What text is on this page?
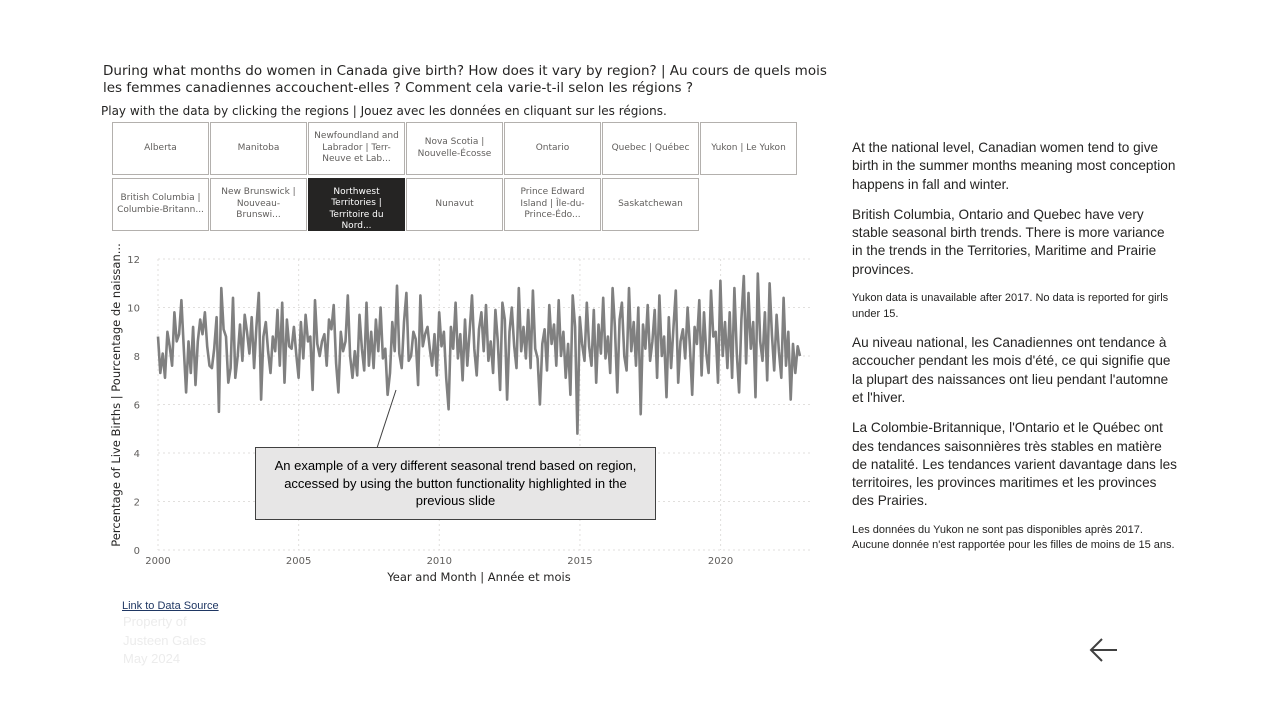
During what months do women in Canada give birth? How does it vary by region? | Au cours de quels mois les femmes canadiennes accouchent-elles ? Comment cela varie-t-il selon les régions ?
Play with the data by clicking the regions | Jouez avec les données en cliquant sur les régions.
Alberta	Manitoba
Newfoundland and Labrador | Terr-Neuve et Lab...
Nova Scotia | Nouvelle-Écosse
Ontario	Quebec | Québec Yukon | Le Yukon
British Columbia | Columbie-Britann...
New Brunswick | Nouveau-Brunswi...
Northwest Territories | Territoire du Nord...
Nunavut
Prince Edward Island | Île-du-Prince-Édo...
Saskatchewan
0
2
4
6
8
10
12
2000	2005	2010	2015	2020
Percentage of Live Births | Pourcentage de naissan...
Year and Month | Année et mois
An example of a very different seasonal trend based on region, accessed by using the button functionality highlighted in the previous slide
Link to Data Source
Property of
Justeen Gales
May 2024

At the national level, Canadian women tend to give birth in the summer months meaning most conception happens in fall and winter.

British Columbia, Ontario and Quebec have very stable seasonal birth trends. There is more variance in the trends in the Territories, Maritime and Prairie provinces.

Yukon data is unavailable after 2017. No data is reported for girls under 15.

Au niveau national, les Canadiennes ont tendance à accoucher pendant les mois d'été, ce qui signifie que la plupart des naissances ont lieu pendant l'automne et l'hiver.

La Colombie-Britannique, l'Ontario et le Québec ont des tendances saisonnières très stables en matière de natalité. Les tendances varient davantage dans les territoires, les provinces maritimes et les provinces des Prairies.

Les données du Yukon ne sont pas disponibles après 2017. Aucune donnée n'est rapportée pour les filles de moins de 15 ans.
